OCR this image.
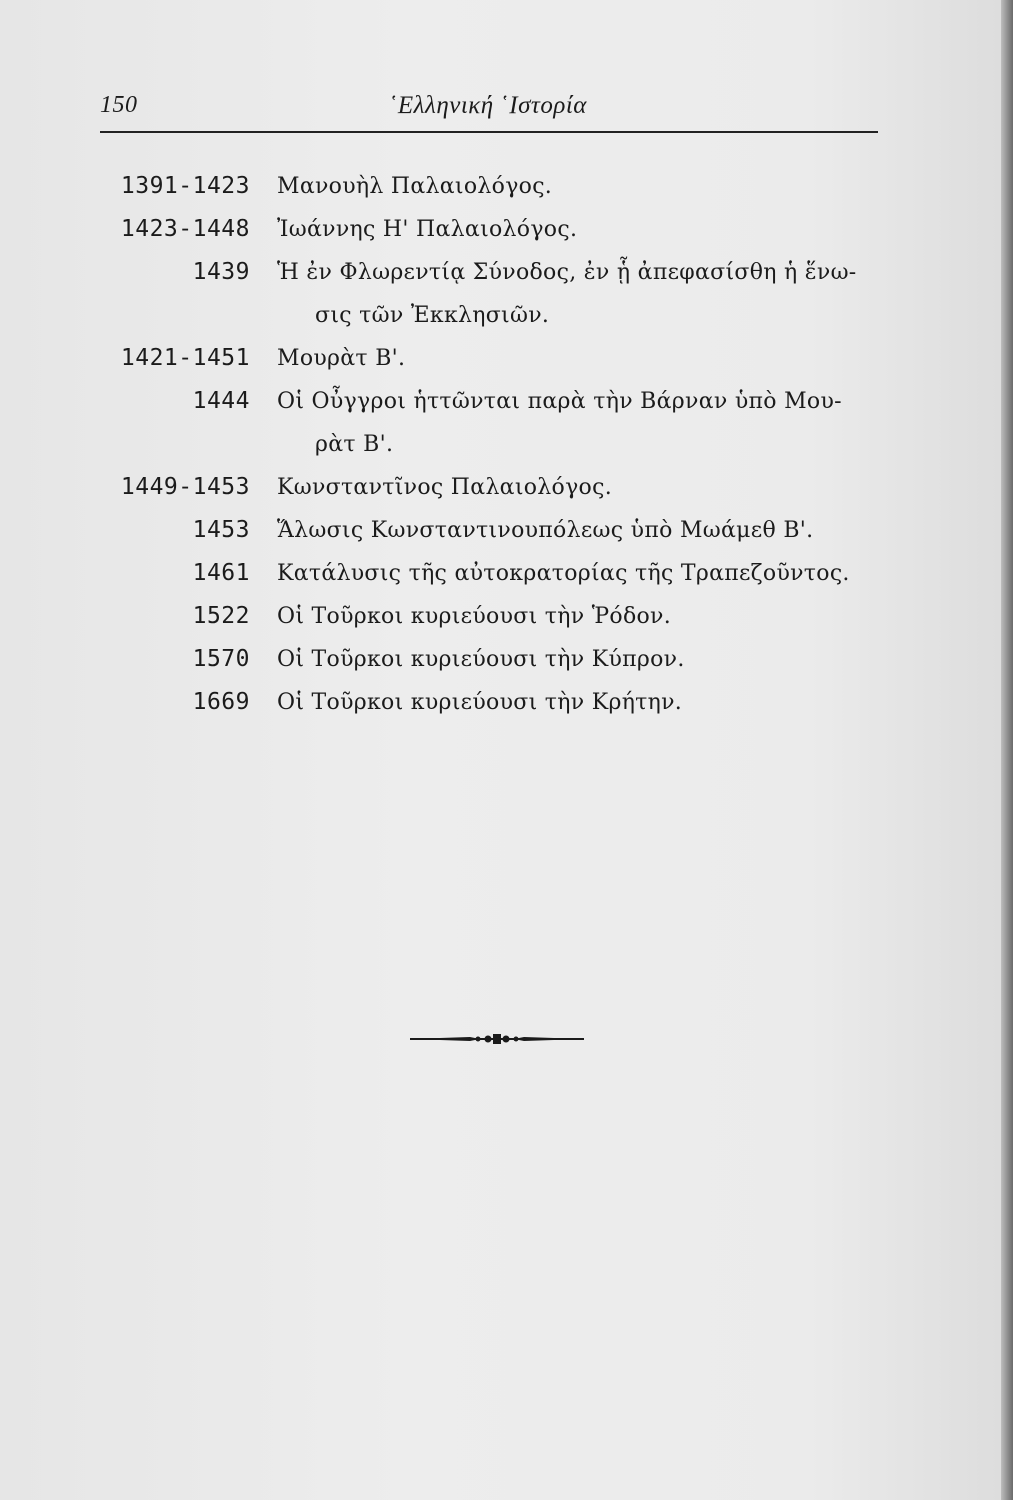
150	῾Ελληνική ῾Ιστορία
1391-1423 Μανουὴλ Παλαιολόγος.
1423-1448 Ἰωάννης Η' Παλαιολόγος.
1439 Ἡ ἐν Φλωρεντίᾳ Σύνοδος, ἐν ᾗ ἀπεφασίσθη ἡ ἕνω-
σις τῶν Ἐκκλησιῶν.
1421-1451 Μουρὰτ Β'.
1444 Οἱ Οὖγγροι ἡττῶνται παρὰ τὴν Βάρναν ὑπὸ Μου-
ρὰτ Β'.
1449-1453 Κωνσταντῖνος Παλαιολόγος.
1453 Ἅλωσις Κωνσταντινουπόλεως ὑπὸ Μωάμεθ Β'.
1461 Κατάλυσις τῆς αὐτοκρατορίας τῆς Τραπεζοῦντος.
1522 Οἱ Τοῦρκοι κυριεύουσι τὴν Ῥόδον.
1570 Οἱ Τοῦρκοι κυριεύουσι τὴν Κύπρον.
1669 Οἱ Τοῦρκοι κυριεύουσι τὴν Κρήτην.
